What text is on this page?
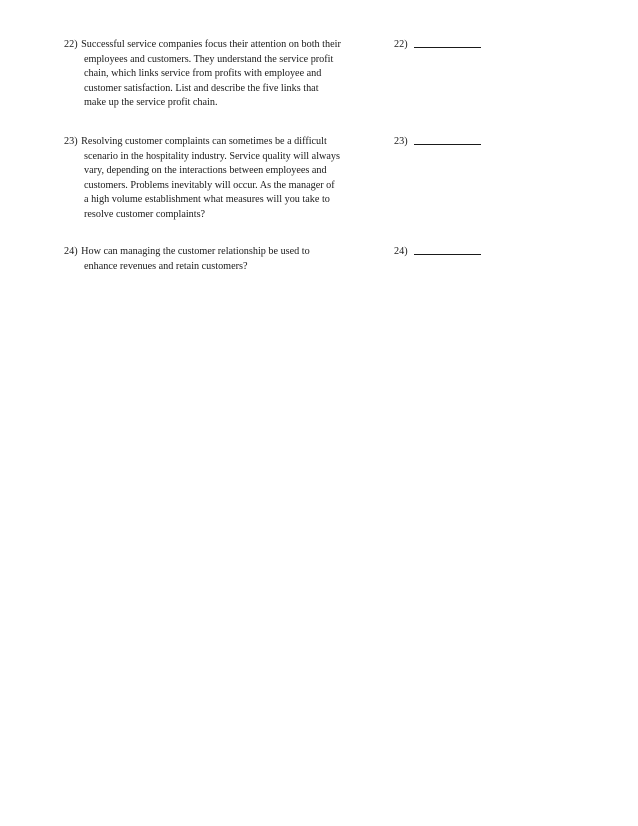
22) Successful service companies focus their attention on both their
employees and customers. They understand the service profit
chain, which links service from profits with employee and
customer satisfaction. List and describe the five links that
make up the service profit chain.
22)
23) Resolving customer complaints can sometimes be a difficult
scenario in the hospitality industry. Service quality will always
vary, depending on the interactions between employees and
customers. Problems inevitably will occur. As the manager of
a high volume establishment what measures will you take to
resolve customer complaints?
23)
24) How can managing the customer relationship be used to
enhance revenues and retain customers?
24)
